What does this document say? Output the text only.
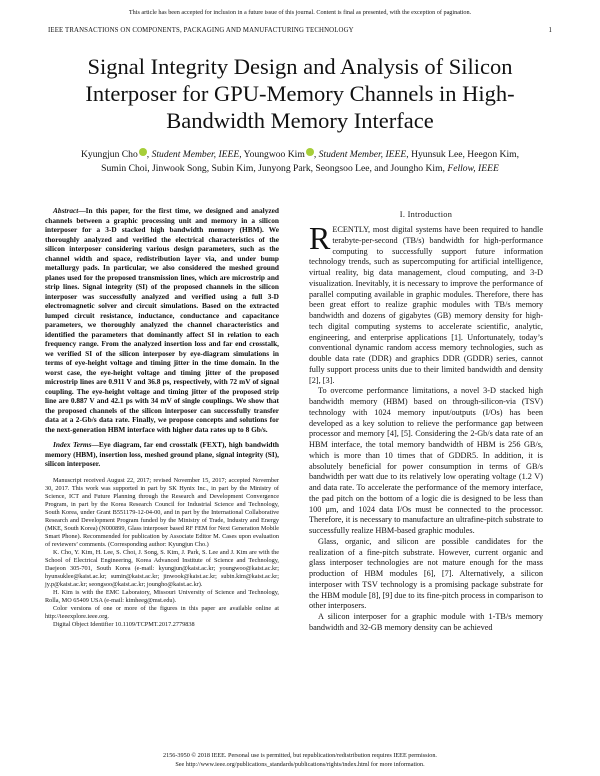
This article has been accepted for inclusion in a future issue of this journal. Content is final as presented, with the exception of pagination.
IEEE TRANSACTIONS ON COMPONENTS, PACKAGING AND MANUFACTURING TECHNOLOGY	1
Signal Integrity Design and Analysis of Silicon Interposer for GPU-Memory Channels in High-Bandwidth Memory Interface
Kyungjun Cho , Student Member, IEEE, Youngwoo Kim , Student Member, IEEE, Hyunsuk Lee, Heegon Kim,
Sumin Choi, Jinwook Song, Subin Kim, Junyong Park, Seongsoo Lee, and Joungho Kim, Fellow, IEEE

Abstract—In this paper, for the first time, we designed and analyzed channels between a graphic processing unit and memory in a silicon interposer for a 3-D stacked high bandwidth memory (HBM). We thoroughly analyzed and verified the electrical characteristics of the silicon interposer considering various design parameters, such as the channel width and space, redistribution layer via, and under bump metallurgy pads. In particular, we also considered the meshed ground planes used for the proposed transmission lines, which are microstrip and strip lines. Signal integrity (SI) of the proposed channels in the silicon interposer was successfully analyzed and verified using a full 3-D electromagnetic solver and circuit simulations. Based on the extracted lumped circuit resistance, inductance, conductance and capacitance parameters, we thoroughly analyzed the channel characteristics and identified the parameters that dominantly affect SI in relation to each frequency range. From the analyzed insertion loss and far end crosstalk, we verified SI of the silicon interposer by eye-diagram simulations in terms of eye-height voltage and timing jitter in the time domain. In the worst case, the eye-height voltage and timing jitter of the proposed microstrip lines are 0.911 V and 36.8 ps, respectively, with 72 mV of signal coupling. The eye-height voltage and timing jitter of the proposed strip line are 0.887 V and 42.1 ps with 34 mV of single couplings. We show that the proposed channels of the silicon interposer can successfully transfer data at a 2-Gb/s data rate. Finally, we propose concepts and solutions for the next-generation HBM interface with higher data rates up to 8 Gb/s.

Index Terms—Eye diagram, far end crosstalk (FEXT), high bandwidth memory (HBM), insertion loss, meshed ground plane, signal integrity (SI), silicon interposer.

Manuscript received August 22, 2017; revised November 15, 2017; accepted November 30, 2017. This work was supported in part by SK Hynix Inc., in part by the Ministry of Science, ICT and Future Planning through the Research and Development Convergence Program, in part by the Korea Research Council for Industrial Science and Technology, South Korea, under Grant B551179-12-04-00, and in part by the International Collaborative Research and Development Program funded by the Ministry of Trade, Industry and Energy (MKE, South Korea) (N000899, Glass interposer based RF FEM for Next Generation Mobile Smart Phone). Recommended for publication by Associate Editor M. Cases upon evaluation of reviewers’ comments. (Corresponding author: Kyungjun Cho.)

K. Cho, Y. Kim, H. Lee, S. Choi, J. Song, S. Kim, J. Park, S. Lee and J. Kim are with the School of Electrical Engineering, Korea Advanced Institute of Science and Technology, Daejeon 305-701, South Korea (e-mail: kyungjun@kaist.ac.kr; youngwoo@kaist.ac.kr; hyunsuklee@kaist.ac.kr; sumin@kaist.ac.kr; jinwook@kaist.ac.kr; subin.kim@kaist.ac.kr; jy.p@kaist.ac.kr; seongsoo@kaist.ac.kr; joungho@kaist.ac.kr).

H. Kim is with the EMC Laboratory, Missouri University of Science and Technology, Rolla, MO 65409 USA (e-mail: kimheeg@mst.edu).

Color versions of one or more of the figures in this paper are available online at http://ieeexplore.ieee.org.

Digital Object Identifier 10.1109/TCPMT.2017.2779838

I. Introduction

RECENTLY, most digital systems have been required to handle terabyte-per-second (TB/s) bandwidth for high-performance computing to successfully support future information technology trends, such as supercomputing for artificial intelligence, virtual reality, big data management, cloud computing, and 3-D visualization. Inevitably, it is necessary to improve the performance of parallel computing available in graphic modules. Therefore, there has been great effort to realize graphic modules with TB/s memory bandwidth and dozens of gigabytes (GB) memory density for high-tech digital computing systems to accelerate scientific, analytic, engineering, and enterprise applications [1]. Unfortunately, today’s conventional dynamic random access memory technologies, such as double data rate (DDR) and graphics DDR (GDDR) series, cannot fully support process units due to their limited bandwidth and density [2], [3].

To overcome performance limitations, a novel 3-D stacked high bandwidth memory (HBM) based on through-silicon-via (TSV) technology with 1024 memory input/outputs (I/Os) has been developed as a key solution to relieve the performance gap between processor and memory [4], [5]. Considering the 2-Gb/s data rate of an HBM interface, the total memory bandwidth of HBM is 256 GB/s, which is more than 10 times that of GDDR5. In addition, it is absolutely beneficial for power consumption in terms of GB/s bandwidth per watt due to its relatively low operating voltage (1.2 V) and data rate. To accelerate the performance of the memory interface, the pad pitch on the bottom of a logic die is designed to be less than 100 μm, and 1024 data I/Os must be connected to the processor. Therefore, it is necessary to manufacture an ultrafine-pitch substrate to successfully realize HBM-based graphic modules.

Glass, organic, and silicon are possible candidates for the realization of a fine-pitch substrate. However, current organic and glass interposer technologies are not mature enough for the mass production of HBM modules [6], [7]. Alternatively, a silicon interposer with TSV technology is a promising package substrate for the HBM module [8], [9] due to its fine-pitch process in comparison to other interposers.

A silicon interposer for a graphic module with 1-TB/s memory bandwidth and 32-GB memory density can be achieved

2156-3950 © 2018 IEEE. Personal use is permitted, but republication/redistribution requires IEEE permission.
See http://www.ieee.org/publications_standards/publications/rights/index.html for more information.
